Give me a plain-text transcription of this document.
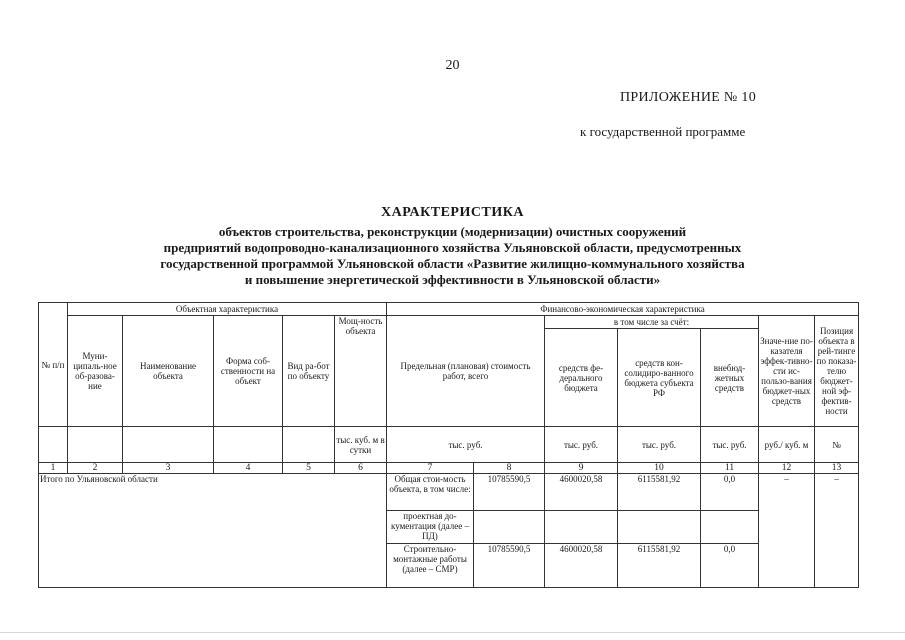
20
ПРИЛОЖЕНИЕ № 10
к государственной программе
ХАРАКТЕРИСТИКА
объектов строительства, реконструкции (модернизации) очистных сооружений
предприятий водопроводно-канализационного хозяйства Ульяновской области, предусмотренных
государственной программой Ульяновской области «Развитие жилищно-коммунального хозяйства
и повышение энергетической эффективности в Ульяновской области»
№ п/п	Объектная характеристика					Финансово-экономическая характеристика						
	Муни-ципаль-ное об-разова-ние	Наименование объекта	Форма соб-ственности на объект	Вид ра-бот по объекту	Мощ-ность объекта	Предельная (плановая) стоимость работ, всего		в том числе за счёт:			Значе-ние по-казателя эффек-тивно-сти ис-пользо-вания бюджет-ных средств	Позиция объекта в рей-тинге по показа-телю бюджет-ной эф-фектив-ности
								средств фе-дерального бюджета	средств кон-солидиро-ванного бюджета субъекта РФ	внебюд-жетных средств		
					тыс. куб. м в сутки	тыс. руб.		тыс. руб.	тыс. руб.	тыс. руб.	руб./ куб. м	№
1	2	3	4	5	6	7	8	9	10	11	12	13
Итого по Ульяновской области						Общая стои-мость объекта, в том числе:	10785590,5	4600020,58	6115581,92	0,0	–	–
						проектная до-кументация (далее – ПД)						
						Строительно-монтажные работы (далее – СМР)	10785590,5	4600020,58	6115581,92	0,0		
